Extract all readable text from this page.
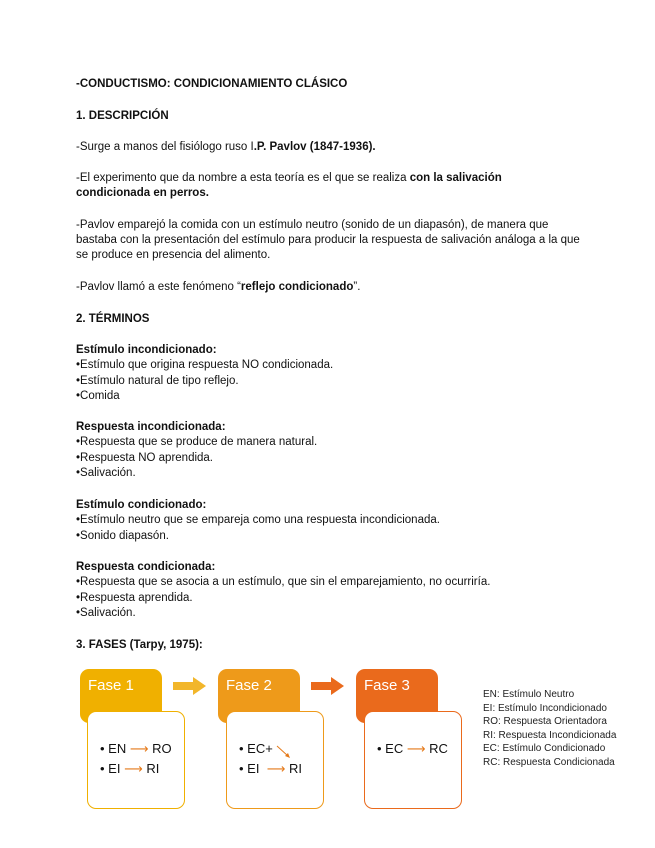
-CONDUCTISMO: CONDICIONAMIENTO CLÁSICO
1. DESCRIPCIÓN
-Surge a manos del fisiólogo ruso I.P. Pavlov (1847-1936).
-El experimento que da nombre a esta teoría es el que se realiza con la salivación condicionada en perros.
-Pavlov emparejó la comida con un estímulo neutro (sonido de un diapasón), de manera que bastaba con la presentación del estímulo para producir la respuesta de salivación análoga a la que se produce en presencia del alimento.
-Pavlov llamó a este fenómeno “reflejo condicionado”.
2. TÉRMINOS
Estímulo incondicionado:
• Estímulo que origina respuesta NO condicionada.
• Estímulo natural de tipo reflejo.
• Comida
Respuesta incondicionada:
• Respuesta que se produce de manera natural.
• Respuesta NO aprendida.
• Salivación.
Estímulo condicionado:
• Estímulo neutro que se empareja como una respuesta incondicionada.
• Sonido diapasón.
Respuesta condicionada:
• Respuesta que se asocia a un estímulo, que sin el emparejamiento, no ocurriría.
• Respuesta aprendida.
• Salivación.
3. FASES (Tarpy, 1975):
Fase 1	Fase 2	Fase 3
• EN ⟶ RO
• EI ⟶ RI
• EC+
• EI ⟶ RI
• EC ⟶ RC
EN: Estímulo Neutro
EI: Estímulo Incondicionado
RO: Respuesta Orientadora
RI: Respuesta Incondicionada
EC: Estímulo Condicionado
RC: Respuesta Condicionada
